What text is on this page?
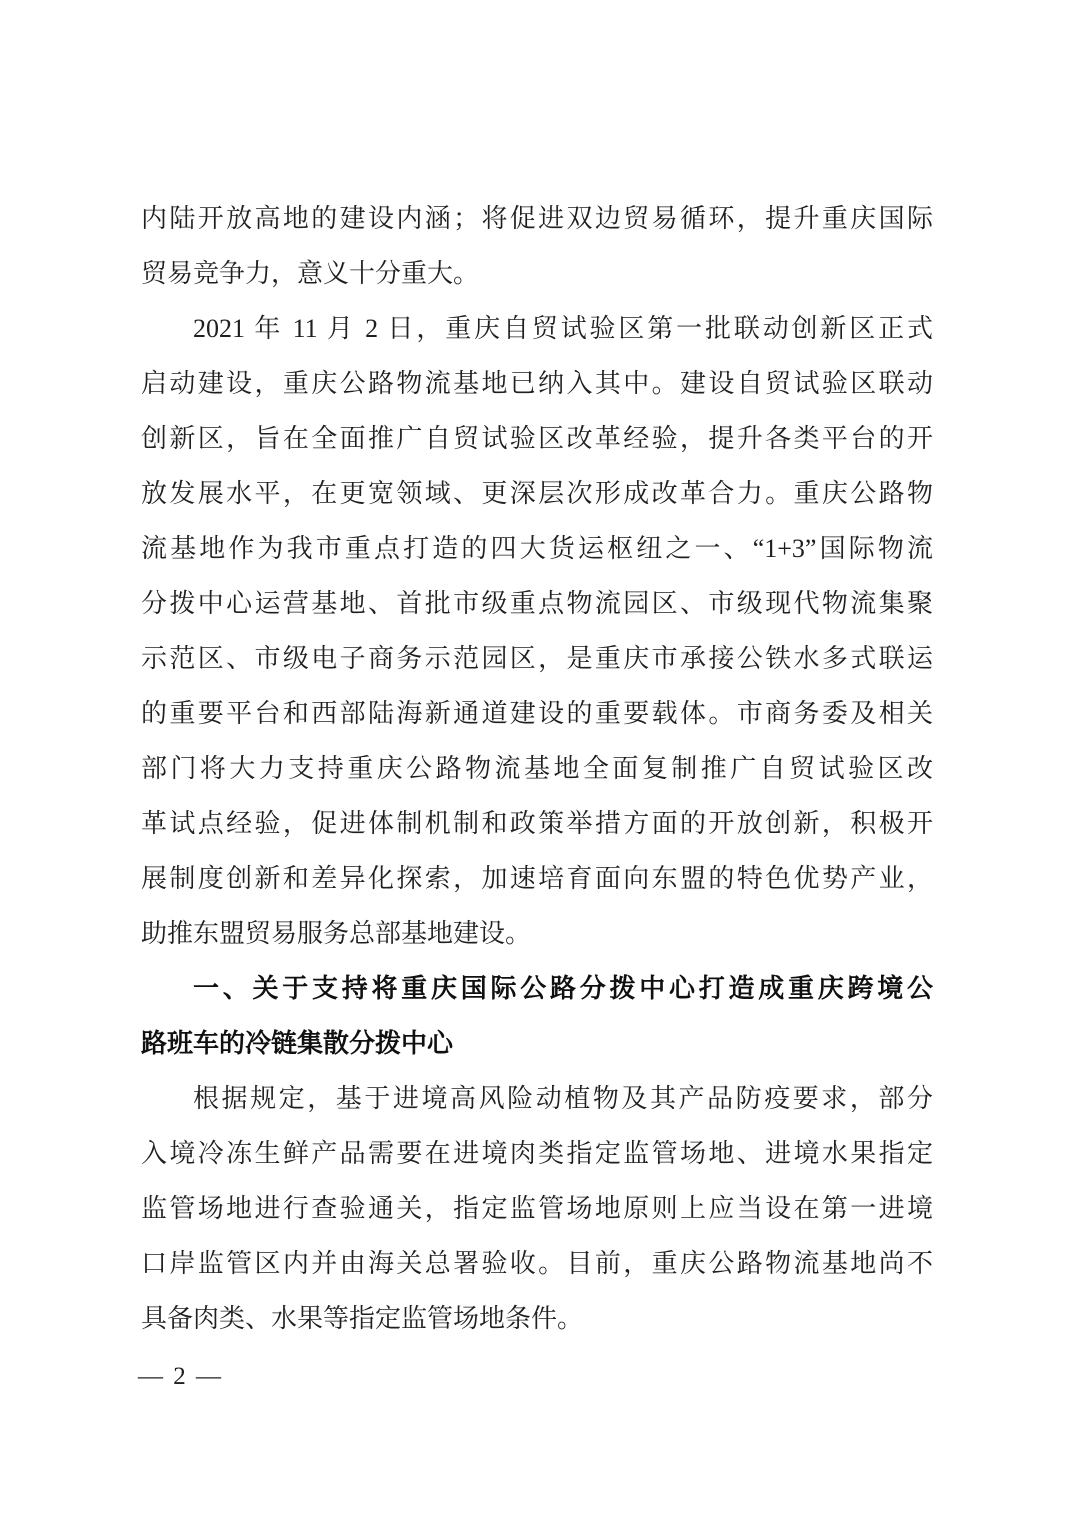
内陆开放高地的建设内涵；将促进双边贸易循环，提升重庆国际
贸易竞争力，意义十分重大。
2021 年 11 月 2 日，重庆自贸试验区第一批联动创新区正式
启动建设，重庆公路物流基地已纳入其中。建设自贸试验区联动
创新区，旨在全面推广自贸试验区改革经验，提升各类平台的开
放发展水平，在更宽领域、更深层次形成改革合力。重庆公路物
流基地作为我市重点打造的四大货运枢纽之一、“1+3”国际物流
分拨中心运营基地、首批市级重点物流园区、市级现代物流集聚
示范区、市级电子商务示范园区，是重庆市承接公铁水多式联运
的重要平台和西部陆海新通道建设的重要载体。市商务委及相关
部门将大力支持重庆公路物流基地全面复制推广自贸试验区改
革试点经验，促进体制机制和政策举措方面的开放创新，积极开
展制度创新和差异化探索，加速培育面向东盟的特色优势产业，
助推东盟贸易服务总部基地建设。
一、关于支持将重庆国际公路分拨中心打造成重庆跨境公
路班车的冷链集散分拨中心
根据规定，基于进境高风险动植物及其产品防疫要求，部分
入境冷冻生鲜产品需要在进境肉类指定监管场地、进境水果指定
监管场地进行查验通关，指定监管场地原则上应当设在第一进境
口岸监管区内并由海关总署验收。目前，重庆公路物流基地尚不
具备肉类、水果等指定监管场地条件。
— 2 —
